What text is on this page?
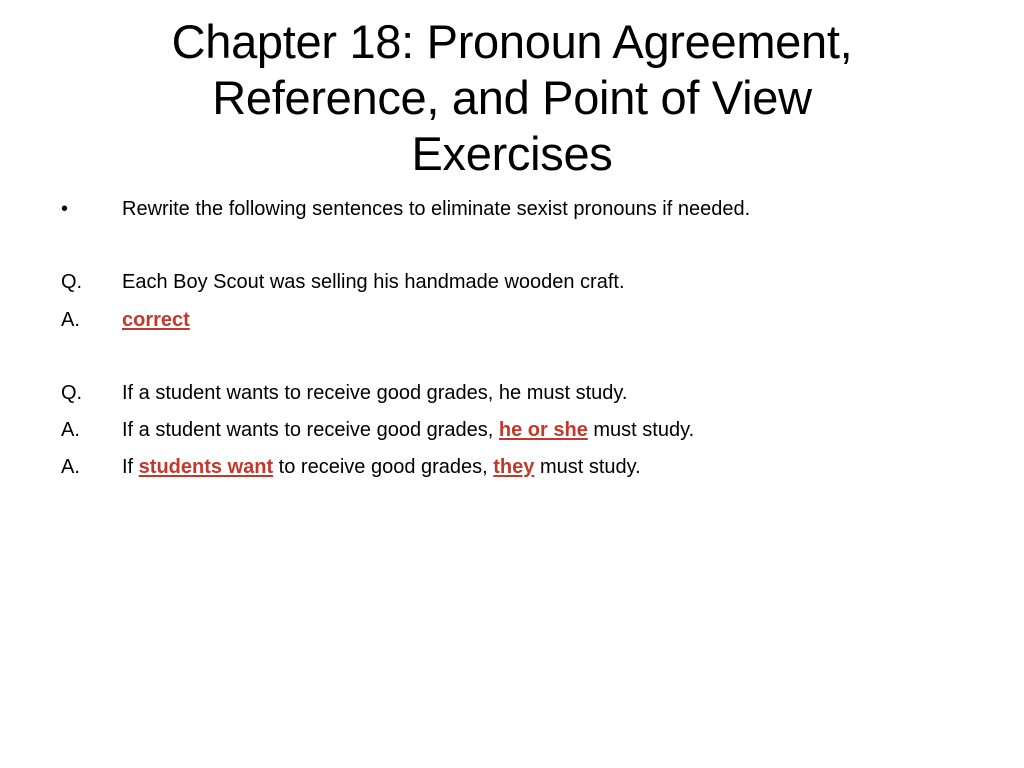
Chapter 18: Pronoun Agreement,
Reference, and Point of View
Exercises
•	Rewrite the following sentences to eliminate sexist pronouns if needed.
Q. Each Boy Scout was selling his handmade wooden craft.
A. correct
Q. If a student wants to receive good grades, he must study.
A. If a student wants to receive good grades, he or she must study.
A. If students want to receive good grades, they must study.
